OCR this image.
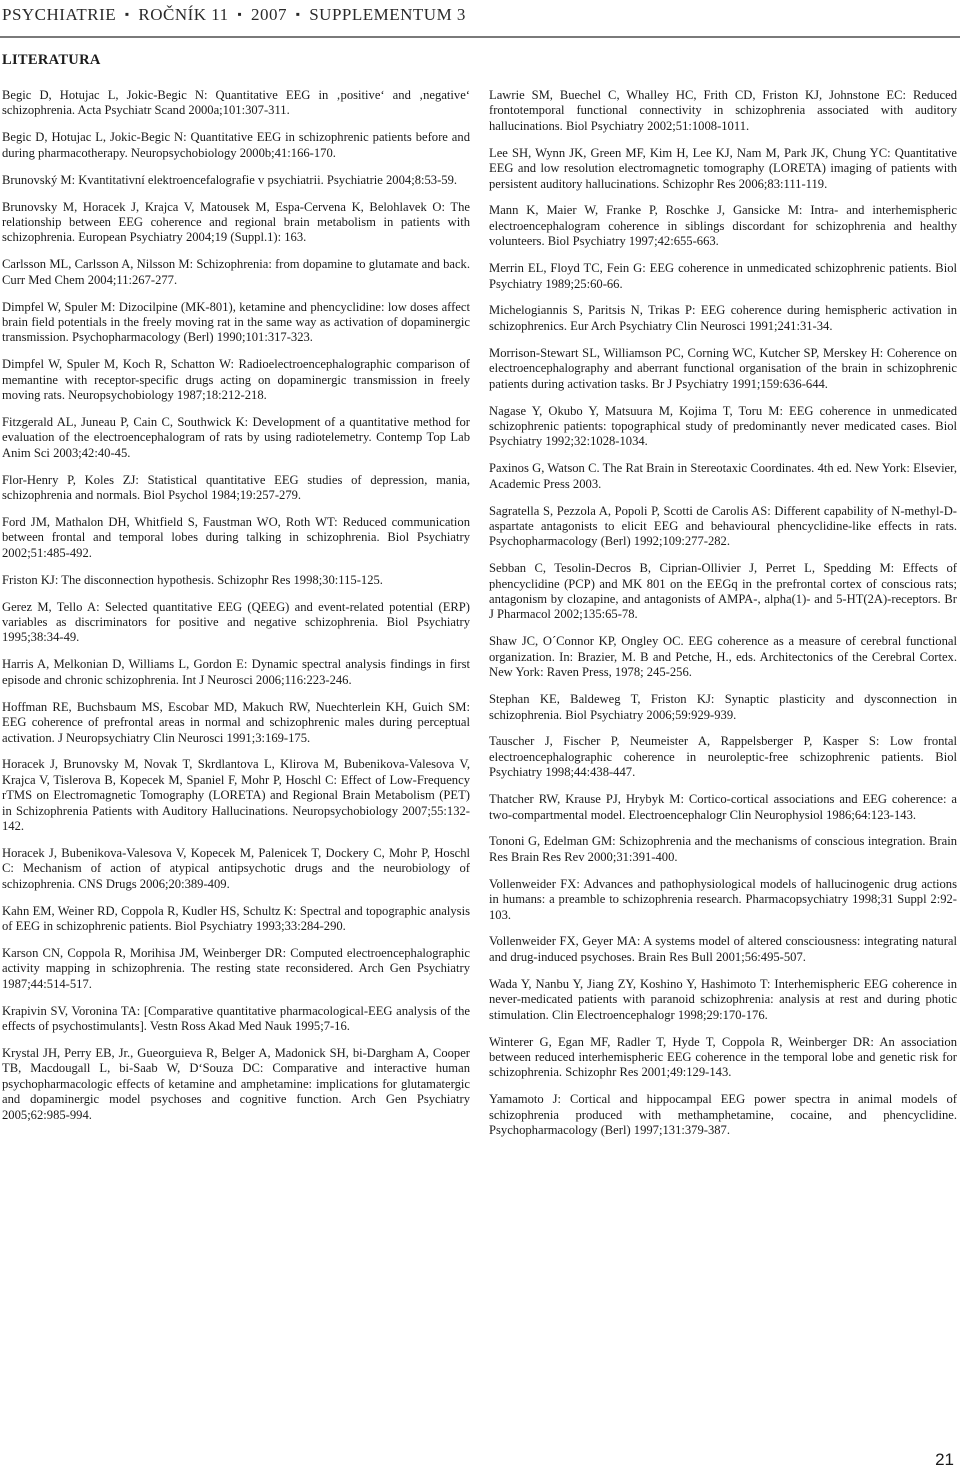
PSYCHIATRIE ▪ ROČNÍK 11 ▪ 2007 ▪ SUPPLEMENTUM 3
LITERATURA

Begic D, Hotujac L, Jokic-Begic N: Quantitative EEG in ‚positive‘ and ‚negative‘ schizophrenia. Acta Psychiatr Scand 2000a;101:307-311.

Begic D, Hotujac L, Jokic-Begic N: Quantitative EEG in schizophrenic patients before and during pharmacotherapy. Neuropsychobiology 2000b;41:166-170.

Brunovský M: Kvantitativní elektroencefalografie v psychiatrii. Psychiatrie 2004;8:53-59.

Brunovsky M, Horacek J, Krajca V, Matousek M, Espa-Cervena K, Belohlavek O: The relationship between EEG coherence and regional brain metabolism in patients with schizophrenia. European Psychiatry 2004;19 (Suppl.1): 163.

Carlsson ML, Carlsson A, Nilsson M: Schizophrenia: from dopamine to glutamate and back. Curr Med Chem 2004;11:267-277.

Dimpfel W, Spuler M: Dizocilpine (MK-801), ketamine and phencyclidine: low doses affect brain field potentials in the freely moving rat in the same way as activation of dopaminergic transmission. Psychopharmacology (Berl) 1990;101:317-323.

Dimpfel W, Spuler M, Koch R, Schatton W: Radioelectroencephalographic comparison of memantine with receptor-specific drugs acting on dopaminergic transmission in freely moving rats. Neuropsychobiology 1987;18:212-218.

Fitzgerald AL, Juneau P, Cain C, Southwick K: Development of a quantitative method for evaluation of the electroencephalogram of rats by using radiotelemetry. Contemp Top Lab Anim Sci 2003;42:40-45.

Flor-Henry P, Koles ZJ: Statistical quantitative EEG studies of depression, mania, schizophrenia and normals. Biol Psychol 1984;19:257-279.

Ford JM, Mathalon DH, Whitfield S, Faustman WO, Roth WT: Reduced communication between frontal and temporal lobes during talking in schizophrenia. Biol Psychiatry 2002;51:485-492.

Friston KJ: The disconnection hypothesis. Schizophr Res 1998;30:115-125.

Gerez M, Tello A: Selected quantitative EEG (QEEG) and event-related potential (ERP) variables as discriminators for positive and negative schizophrenia. Biol Psychiatry 1995;38:34-49.

Harris A, Melkonian D, Williams L, Gordon E: Dynamic spectral analysis findings in first episode and chronic schizophrenia. Int J Neurosci 2006;116:223-246.

Hoffman RE, Buchsbaum MS, Escobar MD, Makuch RW, Nuechterlein KH, Guich SM: EEG coherence of prefrontal areas in normal and schizophrenic males during perceptual activation. J Neuropsychiatry Clin Neurosci 1991;3:169-175.

Horacek J, Brunovsky M, Novak T, Skrdlantova L, Klirova M, Bubenikova-Valesova V, Krajca V, Tislerova B, Kopecek M, Spaniel F, Mohr P, Hoschl C: Effect of Low-Frequency rTMS on Electromagnetic Tomography (LORETA) and Regional Brain Metabolism (PET) in Schizophrenia Patients with Auditory Hallucinations. Neuropsychobiology 2007;55:132-142.

Horacek J, Bubenikova-Valesova V, Kopecek M, Palenicek T, Dockery C, Mohr P, Hoschl C: Mechanism of action of atypical antipsychotic drugs and the neurobiology of schizophrenia. CNS Drugs 2006;20:389-409.

Kahn EM, Weiner RD, Coppola R, Kudler HS, Schultz K: Spectral and topographic analysis of EEG in schizophrenic patients. Biol Psychiatry 1993;33:284-290.

Karson CN, Coppola R, Morihisa JM, Weinberger DR: Computed electroencephalographic activity mapping in schizophrenia. The resting state reconsidered. Arch Gen Psychiatry 1987;44:514-517.

Krapivin SV, Voronina TA: [Comparative quantitative pharmacological-EEG analysis of the effects of psychostimulants]. Vestn Ross Akad Med Nauk 1995;7-16.

Krystal JH, Perry EB, Jr., Gueorguieva R, Belger A, Madonick SH, bi-Dargham A, Cooper TB, Macdougall L, bi-Saab W, D‘Souza DC: Comparative and interactive human psychopharmacologic effects of ketamine and amphetamine: implications for glutamatergic and dopaminergic model psychoses and cognitive function. Arch Gen Psychiatry 2005;62:985-994.

Lawrie SM, Buechel C, Whalley HC, Frith CD, Friston KJ, Johnstone EC: Reduced frontotemporal functional connectivity in schizophrenia associated with auditory hallucinations. Biol Psychiatry 2002;51:1008-1011.

Lee SH, Wynn JK, Green MF, Kim H, Lee KJ, Nam M, Park JK, Chung YC: Quantitative EEG and low resolution electromagnetic tomography (LORETA) imaging of patients with persistent auditory hallucinations. Schizophr Res 2006;83:111-119.

Mann K, Maier W, Franke P, Roschke J, Gansicke M: Intra- and interhemispheric electroencephalogram coherence in siblings discordant for schizophrenia and healthy volunteers. Biol Psychiatry 1997;42:655-663.

Merrin EL, Floyd TC, Fein G: EEG coherence in unmedicated schizophrenic patients. Biol Psychiatry 1989;25:60-66.

Michelogiannis S, Paritsis N, Trikas P: EEG coherence during hemispheric activation in schizophrenics. Eur Arch Psychiatry Clin Neurosci 1991;241:31-34.

Morrison-Stewart SL, Williamson PC, Corning WC, Kutcher SP, Merskey H: Coherence on electroencephalography and aberrant functional organisation of the brain in schizophrenic patients during activation tasks. Br J Psychiatry 1991;159:636-644.

Nagase Y, Okubo Y, Matsuura M, Kojima T, Toru M: EEG coherence in unmedicated schizophrenic patients: topographical study of predominantly never medicated cases. Biol Psychiatry 1992;32:1028-1034.

Paxinos G, Watson C. The Rat Brain in Stereotaxic Coordinates. 4th ed. New York: Elsevier, Academic Press 2003.

Sagratella S, Pezzola A, Popoli P, Scotti de Carolis AS: Different capability of N-methyl-D-aspartate antagonists to elicit EEG and behavioural phencyclidine-like effects in rats. Psychopharmacology (Berl) 1992;109:277-282.

Sebban C, Tesolin-Decros B, Ciprian-Ollivier J, Perret L, Spedding M: Effects of phencyclidine (PCP) and MK 801 on the EEGq in the prefrontal cortex of conscious rats; antagonism by clozapine, and antagonists of AMPA-, alpha(1)- and 5-HT(2A)-receptors. Br J Pharmacol 2002;135:65-78.

Shaw JC, O´Connor KP, Ongley OC. EEG coherence as a measure of cerebral functional organization. In: Brazier, M. B and Petche, H., eds. Architectonics of the Cerebral Cortex. New York: Raven Press, 1978; 245-256.

Stephan KE, Baldeweg T, Friston KJ: Synaptic plasticity and dysconnection in schizophrenia. Biol Psychiatry 2006;59:929-939.

Tauscher J, Fischer P, Neumeister A, Rappelsberger P, Kasper S: Low frontal electroencephalographic coherence in neuroleptic-free schizophrenic patients. Biol Psychiatry 1998;44:438-447.

Thatcher RW, Krause PJ, Hrybyk M: Cortico-cortical associations and EEG coherence: a two-compartmental model. Electroencephalogr Clin Neurophysiol 1986;64:123-143.

Tononi G, Edelman GM: Schizophrenia and the mechanisms of conscious integration. Brain Res Brain Res Rev 2000;31:391-400.

Vollenweider FX: Advances and pathophysiological models of hallucinogenic drug actions in humans: a preamble to schizophrenia research. Pharmacopsychiatry 1998;31 Suppl 2:92-103.

Vollenweider FX, Geyer MA: A systems model of altered consciousness: integrating natural and drug-induced psychoses. Brain Res Bull 2001;56:495-507.

Wada Y, Nanbu Y, Jiang ZY, Koshino Y, Hashimoto T: Interhemispheric EEG coherence in never-medicated patients with paranoid schizophrenia: analysis at rest and during photic stimulation. Clin Electroencephalogr 1998;29:170-176.

Winterer G, Egan MF, Radler T, Hyde T, Coppola R, Weinberger DR: An association between reduced interhemispheric EEG coherence in the temporal lobe and genetic risk for schizophrenia. Schizophr Res 2001;49:129-143.

Yamamoto J: Cortical and hippocampal EEG power spectra in animal models of schizophrenia produced with methamphetamine, cocaine, and phencyclidine. Psychopharmacology (Berl) 1997;131:379-387.

21
